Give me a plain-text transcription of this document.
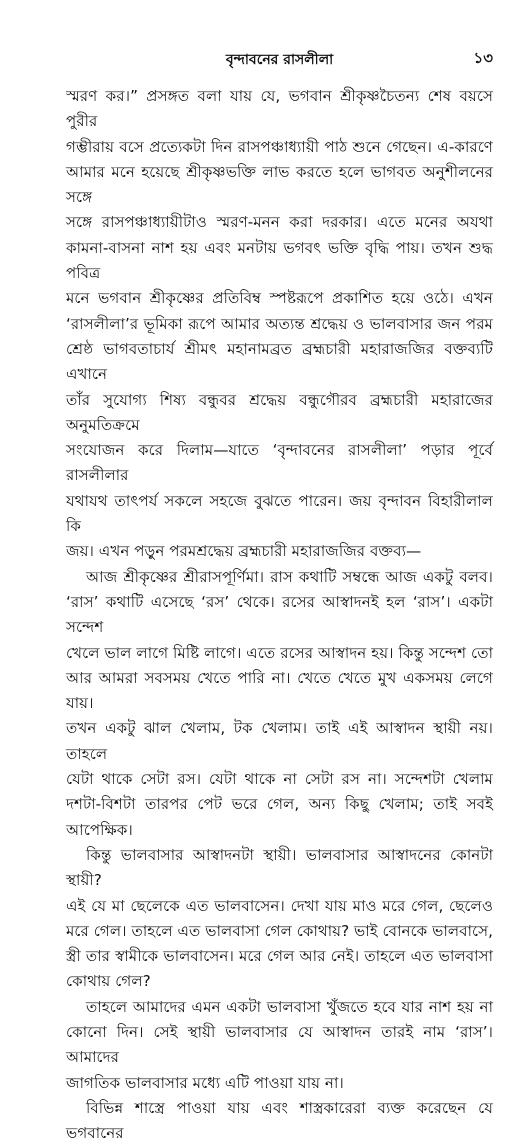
বৃন্দাবনের রাসলীলা	১৩
স্মরণ কর।” প্রসঙ্গত বলা যায় যে, ভগবান শ্রীকৃষ্ণচৈতন্য শেষ বয়সে পুরীর
গম্ভীরায় বসে প্রত্যেকটা দিন রাসপঞ্চাধ্যায়ী পাঠ শুনে গেছেন। এ-কারণে
আমার মনে হয়েছে শ্রীকৃষ্ণভক্তি লাভ করতে হলে ভাগবত অনুশীলনের সঙ্গে
সঙ্গে রাসপঞ্চাধ্যায়ীটাও স্মরণ-মনন করা দরকার। এতে মনের অযথা
কামনা-বাসনা নাশ হয় এবং মনটায় ভগবৎ ভক্তি বৃদ্ধি পায়। তখন শুদ্ধ পবিত্র
মনে ভগবান শ্রীকৃষ্ণের প্রতিবিম্ব স্পষ্টরূপে প্রকাশিত হয়ে ওঠে। এখন
‘রাসলীলা’র ভূমিকা রূপে আমার অত্যন্ত শ্রদ্ধেয় ও ভালবাসার জন পরম
শ্রেষ্ঠ ভাগবতাচার্য শ্রীমৎ মহানামব্রত ব্রহ্মচারী মহারাজজির বক্তব্যটি এখানে
তাঁর সুযোগ্য শিষ্য বন্ধুবর শ্রদ্ধেয় বন্ধুগৌরব ব্রহ্মচারী মহারাজের অনুমতিক্রমে
সংযোজন করে দিলাম—যাতে ‘বৃন্দাবনের রাসলীলা’ পড়ার পূর্বে রাসলীলার
যথাযথ তাৎপর্য সকলে সহজে বুঝতে পারেন। জয় বৃন্দাবন বিহারীলাল কি
জয়। এখন পড়ুন পরমশ্রদ্ধেয় ব্রহ্মচারী মহারাজজির বক্তব্য—
আজ শ্রীকৃষ্ণের শ্রীরাসপূর্ণিমা। রাস কথাটি সম্বন্ধে আজ একটু বলব।
‘রাস’ কথাটি এসেছে ‘রস’ থেকে। রসের আস্বাদনই হল ‘রাস’। একটা সন্দেশ
খেলে ভাল লাগে মিষ্টি লাগে। এতে রসের আস্বাদন হয়। কিন্তু সন্দেশ তো
আর আমরা সবসময় খেতে পারি না। খেতে খেতে মুখ একসময় লেগে যায়।
তখন একটু ঝাল খেলাম, টক খেলাম। তাই এই আস্বাদন স্থায়ী নয়। তাহলে
যেটা থাকে সেটা রস। যেটা থাকে না সেটা রস না। সন্দেশটা খেলাম
দশটা-বিশটা তারপর পেট ভরে গেল, অন্য কিছু খেলাম; তাই সবই আপেক্ষিক।
কিন্তু ভালবাসার আস্বাদনটা স্থায়ী। ভালবাসার আস্বাদনের কোনটা স্থায়ী?
এই যে মা ছেলেকে এত ভালবাসেন। দেখা যায় মাও মরে গেল, ছেলেও
মরে গেল। তাহলে এত ভালবাসা গেল কোথায়? ভাই বোনকে ভালবাসে,
স্ত্রী তার স্বামীকে ভালবাসেন। মরে গেল আর নেই। তাহলে এত ভালবাসা
কোথায় গেল?
তাহলে আমাদের এমন একটা ভালবাসা খুঁজতে হবে যার নাশ হয় না
কোনো দিন। সেই স্থায়ী ভালবাসার যে আস্বাদন তারই নাম ‘রাস’। আমাদের
জাগতিক ভালবাসার মধ্যে এটি পাওয়া যায় না।
বিভিন্ন শাস্ত্রে পাওয়া যায় এবং শাস্ত্রকারেরা ব্যক্ত করেছেন যে ভগবানের
